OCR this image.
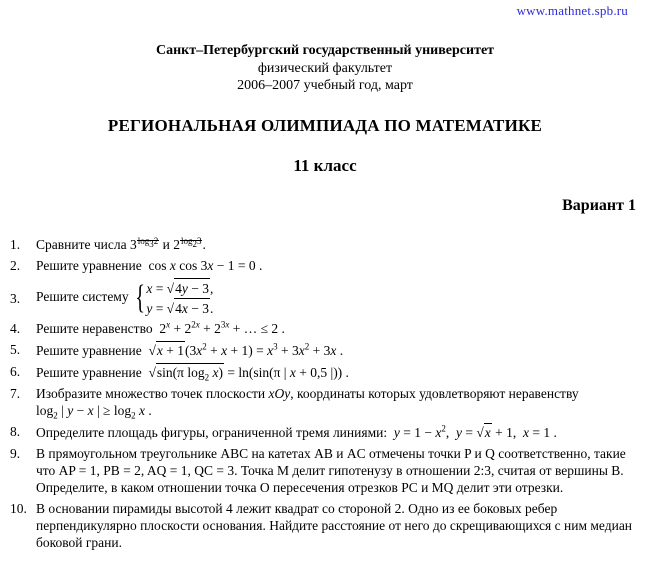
www.mathnet.spb.ru
Санкт–Петербургский государственный университет
физический факультет
2006–2007 учебный год, март
РЕГИОНАЛЬНАЯ ОЛИМПИАДА ПО МАТЕМАТИКЕ
11 класс
Вариант 1
1.	Сравните числа $3^{log_32}$ и $2^{log_23}$.
2.	Решите уравнение  cos x cos 3x − 1 = 0 .
3.	Решите систему { x = √4y − 3,
y = √4x − 3.
4.	Решите неравенство  $2^x + 2^{2x} + 2^{3x}$ + … ≤ 2 .
5.	Решите уравнение  $√x + 1(3x^2 + x + 1) = x^3 + 3x^2 + 3x$ .
6.	Решите уравнение  √sin(π $\log_2 x) = \ln(\sin(\pi$ | x + 0,5 |)) .
7.	Изобразите множество точек плоскости xOy, координаты которых удовлетворяют неравенству
$\log_2$ | y − x | ≥ $\log_2 x$ .
8.	Определите площадь фигуры, ограниченной тремя линиями: $y = 1 - x^2$,  y = √x + 1,  x = 1 .
9.	В прямоугольном треугольнике ABC на катетах AB и AC отмечены точки P и Q соответственно, такие что AP = 1, PB = 2, AQ = 1, QC = 3. Точка M делит гипотенузу в отношении 2:3, считая от вершины B. Определите, в каком отношении точка O пересечения отрезков PC и MQ делит эти отрезки.
10. В основании пирамиды высотой 4 лежит квадрат со стороной 2. Одно из ее боковых ребер перпендикулярно плоскости основания. Найдите расстояние от него до скрещивающихся с ним медиан боковой грани.
